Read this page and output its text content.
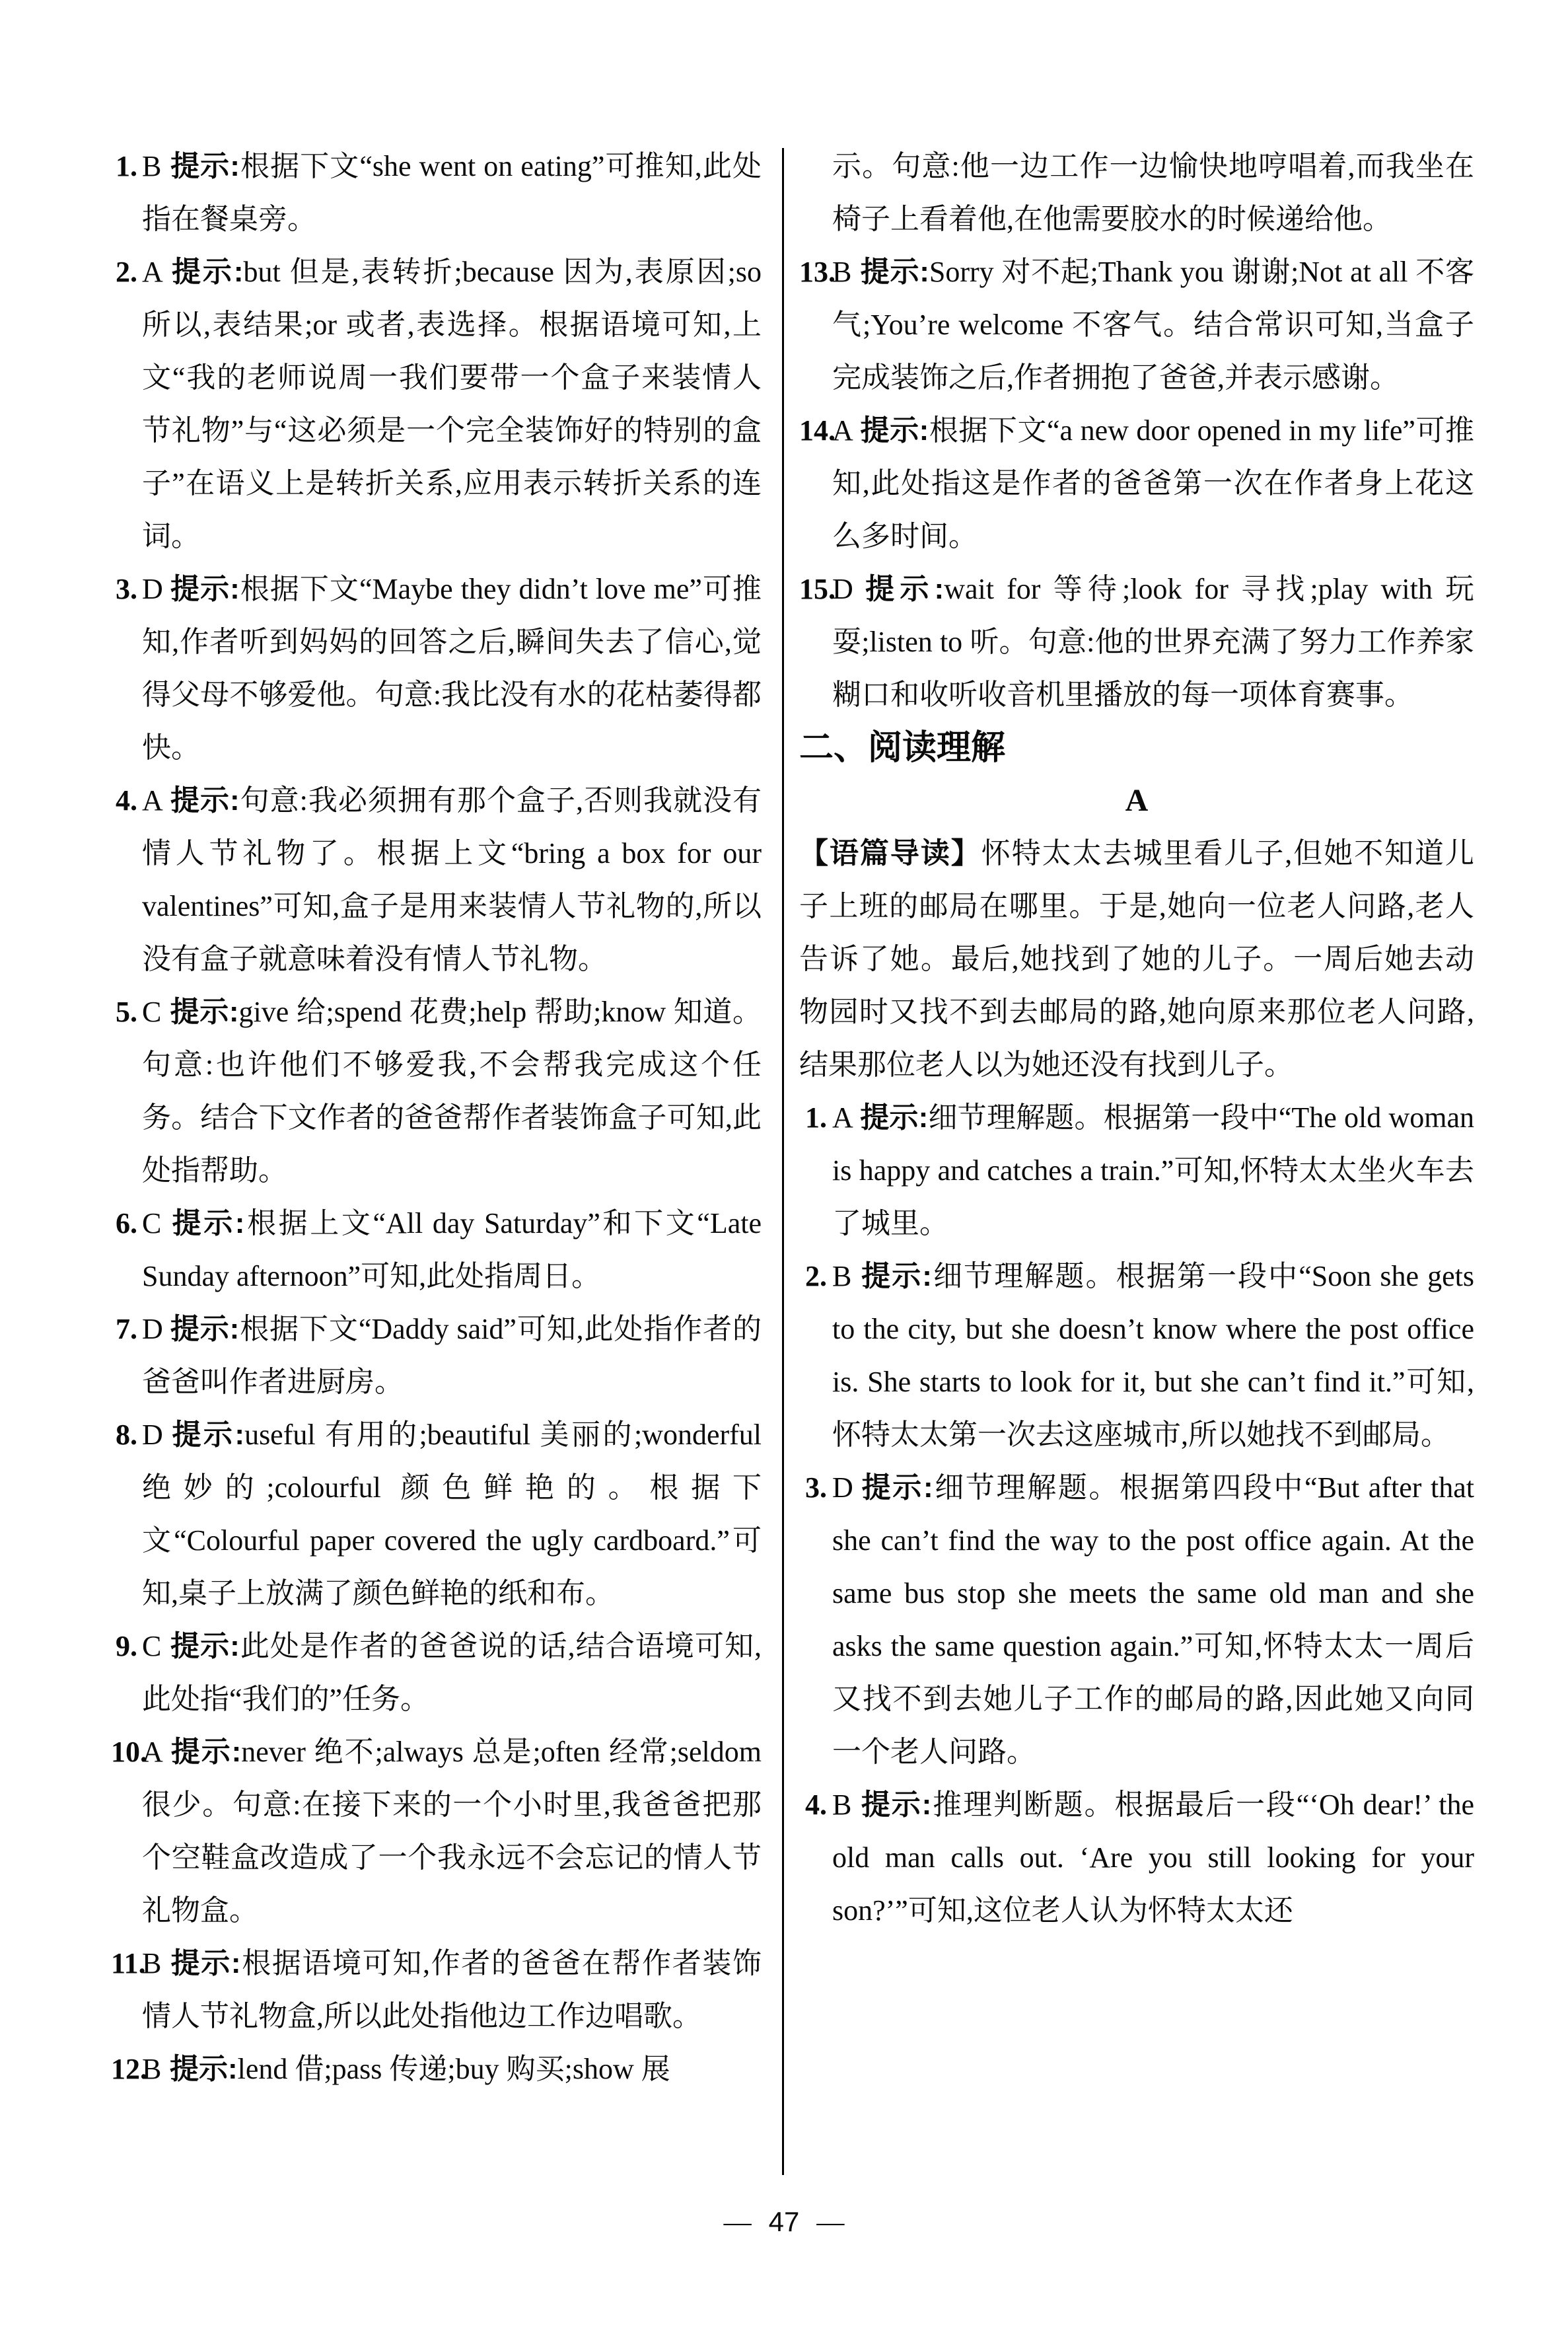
1. B 提示:根据下文“she went on eating”可推知,此处指在餐桌旁。
2. A 提示:but 但是,表转折;because 因为,表原因;so 所以,表结果;or 或者,表选择。根据语境可知,上文“我的老师说周一我们要带一个盒子来装情人节礼物”与“这必须是一个完全装饰好的特别的盒子”在语义上是转折关系,应用表示转折关系的连词。
3. D 提示:根据下文“Maybe they didn’t love me”可推知,作者听到妈妈的回答之后,瞬间失去了信心,觉得父母不够爱他。句意:我比没有水的花枯萎得都快。
4. A 提示:句意:我必须拥有那个盒子,否则我就没有情人节礼物了。根据上文“bring a box for our valentines”可知,盒子是用来装情人节礼物的,所以没有盒子就意味着没有情人节礼物。
5. C 提示:give 给;spend 花费;help 帮助;know 知道。句意:也许他们不够爱我,不会帮我完成这个任务。结合下文作者的爸爸帮作者装饰盒子可知,此处指帮助。
6. C 提示:根据上文“All day Saturday”和下文“Late Sunday afternoon”可知,此处指周日。
7. D 提示:根据下文“Daddy said”可知,此处指作者的爸爸叫作者进厨房。
8. D 提示:useful 有用的;beautiful 美丽的;wonderful 绝妙的;colourful 颜色鲜艳的。根据下文“Colourful paper covered the ugly cardboard.”可知,桌子上放满了颜色鲜艳的纸和布。
9. C 提示:此处是作者的爸爸说的话,结合语境可知,此处指“我们的”任务。
10.
A 提示:never 绝不;always 总是;often 经常;seldom 很少。句意:在接下来的一个小时里,我爸爸把那个空鞋盒改造成了一个我永远不会忘记的情人节礼物盒。
11.
B 提示:根据语境可知,作者的爸爸在帮作者装饰情人节礼物盒,所以此处指他边工作边唱歌。
12.
B 提示:lend 借;pass 传递;buy 购买;show 展
示。句意:他一边工作一边愉快地哼唱着,而我坐在椅子上看着他,在他需要胶水的时候递给他。
13.
B 提示:Sorry 对不起;Thank you 谢谢;Not at all 不客气;You’re welcome 不客气。结合常识可知,当盒子完成装饰之后,作者拥抱了爸爸,并表示感谢。
14.
A 提示:根据下文“a new door opened in my life”可推知,此处指这是作者的爸爸第一次在作者身上花这么多时间。
15.
D 提示:wait for 等待;look for 寻找;play with 玩耍;listen to 听。句意:他的世界充满了努力工作养家糊口和收听收音机里播放的每一项体育赛事。
二、阅读理解
A
【语篇导读】怀特太太去城里看儿子,但她不知道儿子上班的邮局在哪里。于是,她向一位老人问路,老人告诉了她。最后,她找到了她的儿子。一周后她去动物园时又找不到去邮局的路,她向原来那位老人问路,结果那位老人以为她还没有找到儿子。
1. A 提示:细节理解题。根据第一段中“The old woman is happy and catches a train.”可知,怀特太太坐火车去了城里。
2. B 提示:细节理解题。根据第一段中“Soon she gets to the city, but she doesn’t know where the post office is. She starts to look for it, but she can’t find it.”可知,怀特太太第一次去这座城市,所以她找不到邮局。
3. D 提示:细节理解题。根据第四段中“But after that she can’t find the way to the post office again. At the same bus stop she meets the same old man and she asks the same question again.”可知,怀特太太一周后又找不到去她儿子工作的邮局的路,因此她又向同一个老人问路。
4. B 提示:推理判断题。根据最后一段“‘Oh dear!’ the old man calls out. ‘Are you still looking for your son?’”可知,这位老人认为怀特太太还
— 47 —
